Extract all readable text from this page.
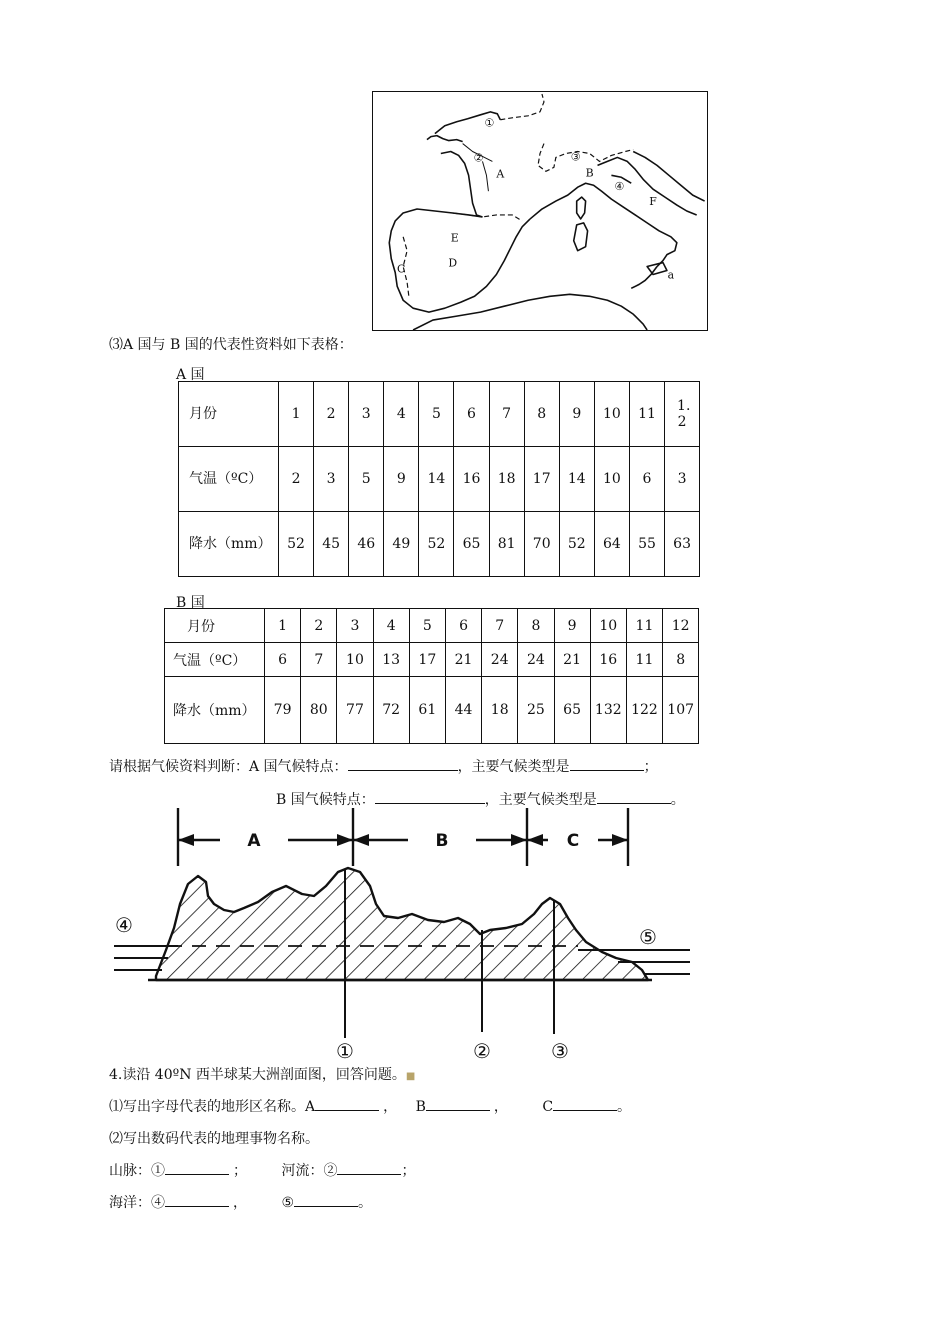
①
②	③
④
A	B
C	D
E
F
a
⑶A 国与 B 国的代表性资料如下表格：
A 国
月份	1	2	3	4	5	6	7	8	9	10	11	1.2
气温（ºC）	2	3	5	9	14	16	18	17	14	10	6	3
降水（mm）	52	45	46	49	52	65	81	70	52	64	55	63
B 国
月份	1	2	3	4	5	6	7	8	9	10	11	12
气温（ºC）	6	7	10	13	17	21	24	24	21	16	11	8
降水（mm）	79	80	77	72	61	44	18	25	65	132	122	107
请根据气候资料判断：A 国气候特点：	，主要气候类型是	；
B 国气候特点：	，主要气候类型是	。
A	B	C
①	②	③
④	⑤
4.读沿 40ºN 西半球某大洲剖面图，回答问题。■
⑴写出字母代表的地形区名称。A	， B	， C	。
⑵写出数码代表的地理事物名称。
山脉：①	； 河流：②	；
海洋：④	， ⑤	。
